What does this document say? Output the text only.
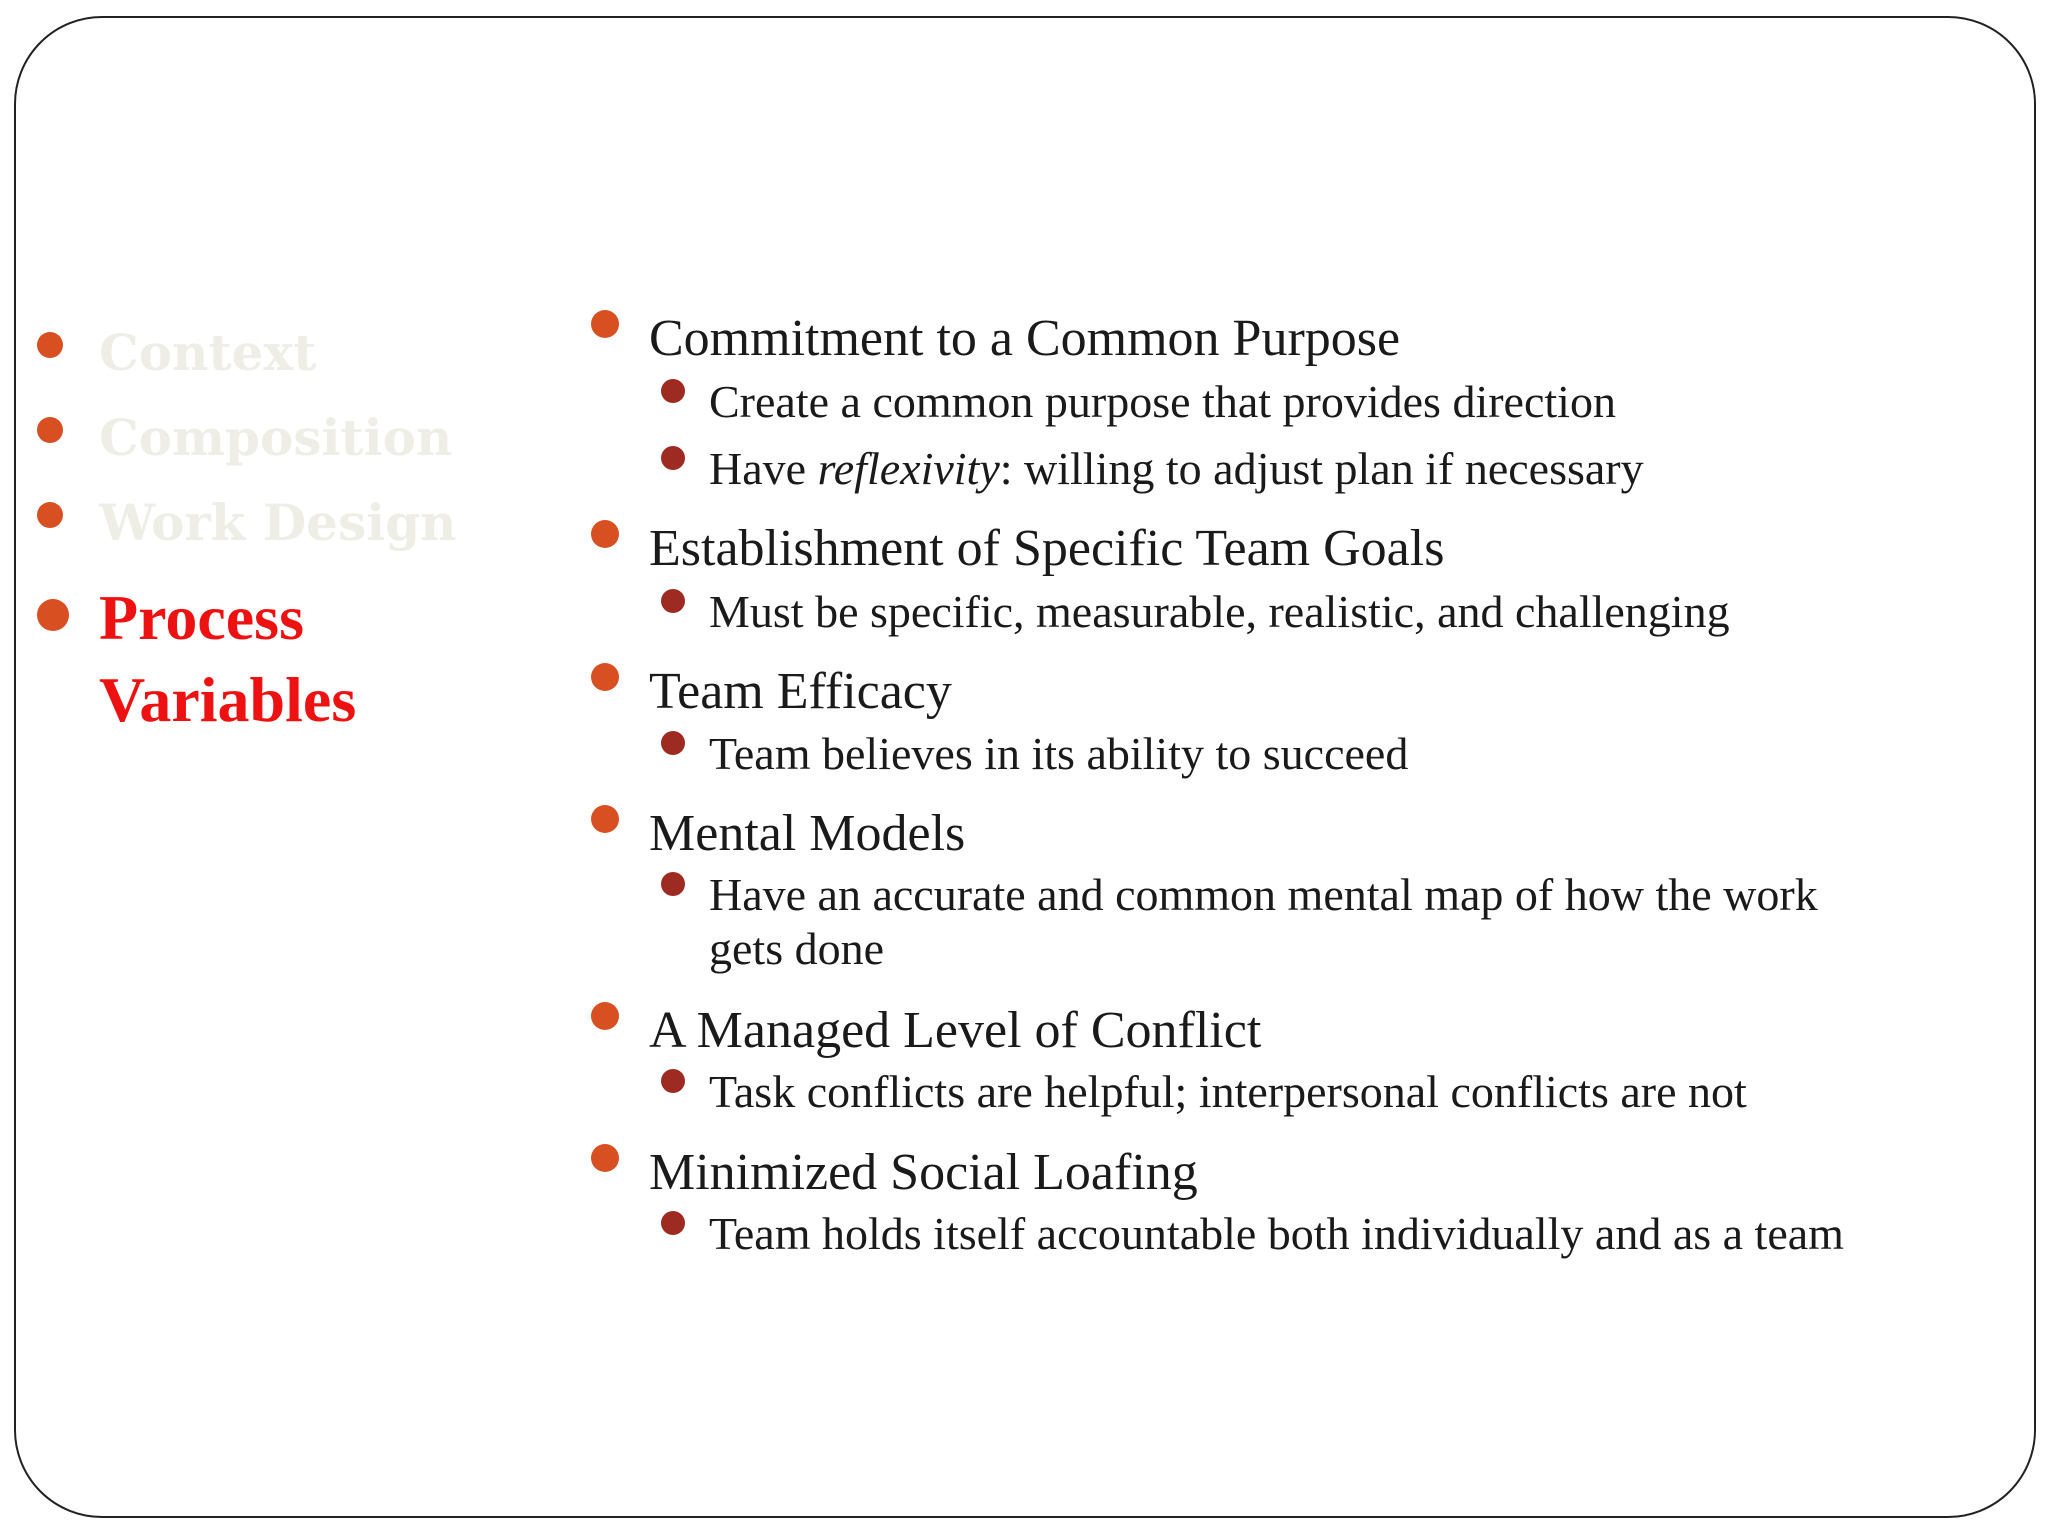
Context
Composition
Work Design
Process
Variables
Commitment to a Common Purpose
Create a common purpose that provides direction
Have reflexivity: willing to adjust plan if necessary
Establishment of Specific Team Goals
Must be specific, measurable, realistic, and challenging
Team Efficacy
Team believes in its ability to succeed
Mental Models
Have an accurate and common mental map of how the work
gets done
A Managed Level of Conflict
Task conflicts are helpful; interpersonal conflicts are not
Minimized Social Loafing
Team holds itself accountable both individually and as a team
